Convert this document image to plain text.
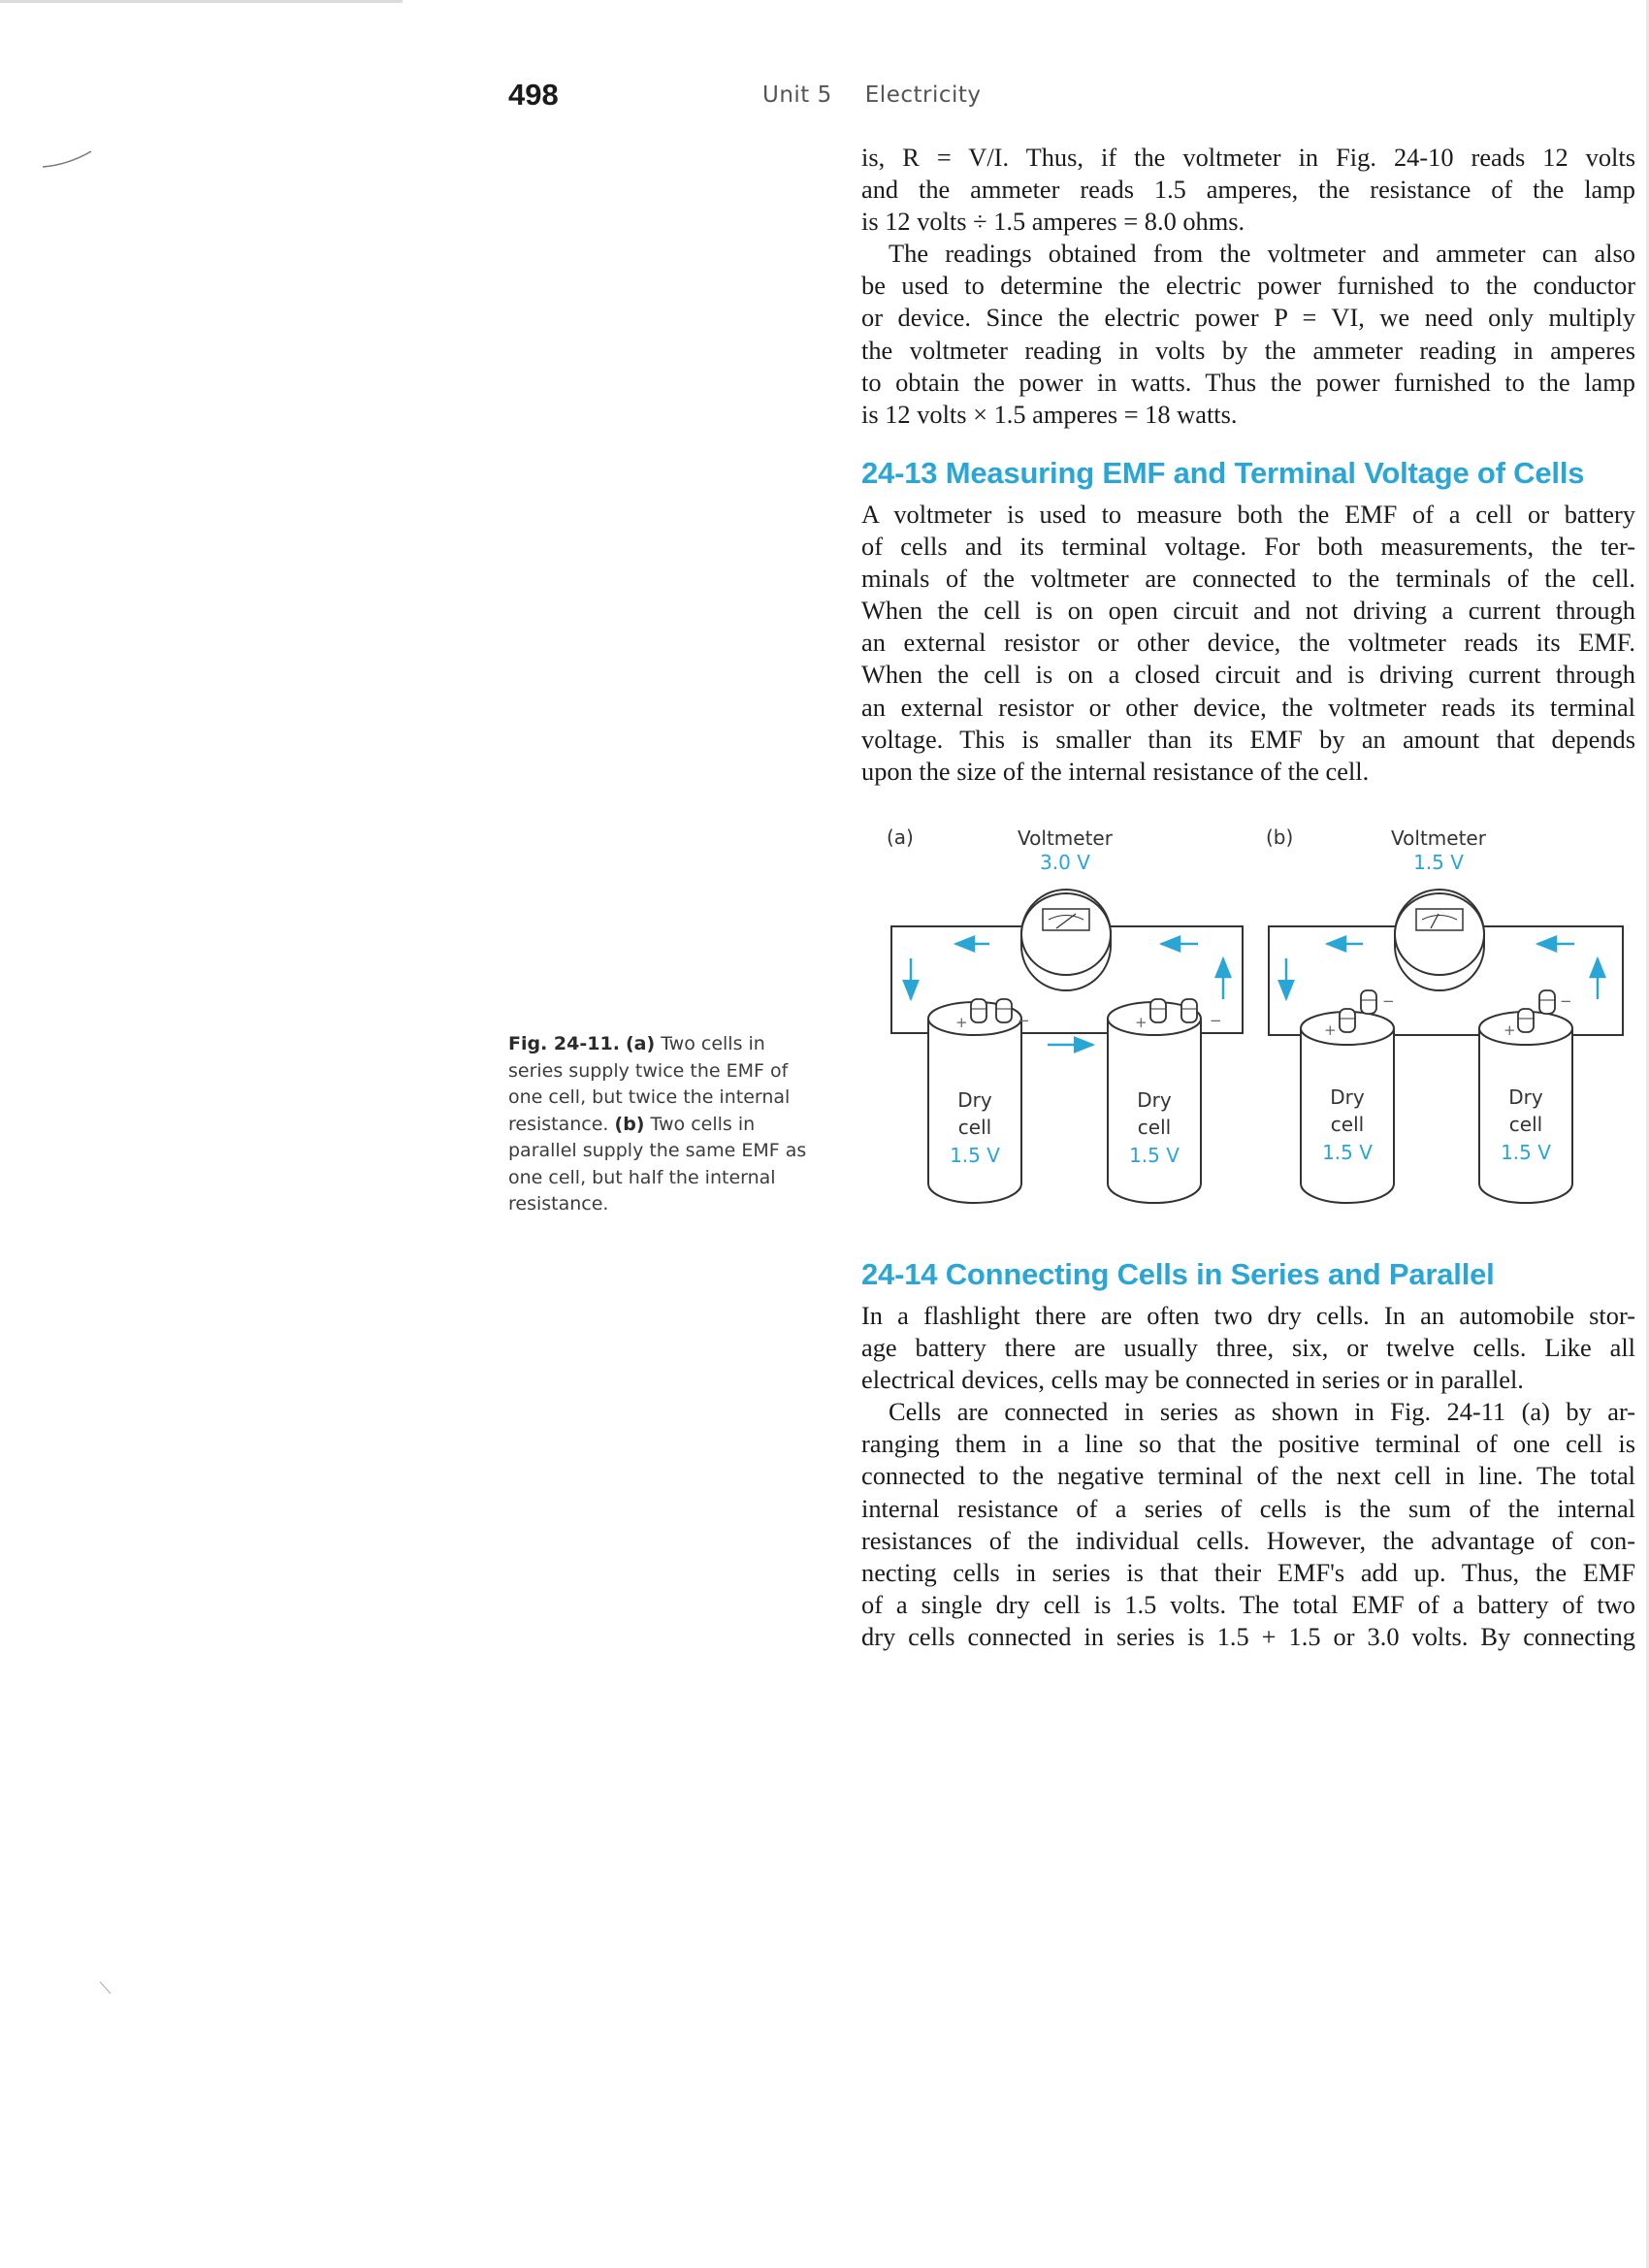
498	Unit 5 Electricity

is, R = V/I. Thus, if the voltmeter in Fig. 24-10 reads 12 volts
and the ammeter reads 1.5 amperes, the resistance of the lamp
is 12 volts ÷ 1.5 amperes = 8.0 ohms.

The readings obtained from the voltmeter and ammeter can also
be used to determine the electric power furnished to the conductor
or device. Since the electric power P = VI, we need only multiply
the voltmeter reading in volts by the ammeter reading in amperes
to obtain the power in watts. Thus the power furnished to the lamp
is 12 volts × 1.5 amperes = 18 watts.

24-13 Measuring EMF and Terminal Voltage of Cells

A voltmeter is used to measure both the EMF of a cell or battery
of cells and its terminal voltage. For both measurements, the ter-
minals of the voltmeter are connected to the terminals of the cell.
When the cell is on open circuit and not driving a current through
an external resistor or other device, the voltmeter reads its EMF.
When the cell is on a closed circuit and is driving current through
an external resistor or other device, the voltmeter reads its terminal
voltage. This is smaller than its EMF by an amount that depends
upon the size of the internal resistance of the cell.

(a)	Voltmeter
3.0 V
+	−
Dry
cell
1.5 V
+	−
Dry
cell
1.5 V
(b)	Voltmeter
1.5 V
+
−
Dry
cell
1.5 V
+
−
Dry
cell
1.5 V
Fig. 24-11. (a) Two cells in series supply twice the EMF of one cell, but twice the internal resistance. (b) Two cells in parallel supply the same EMF as one cell, but half the internal resistance.
24-14 Connecting Cells in Series and Parallel

In a flashlight there are often two dry cells. In an automobile stor-
age battery there are usually three, six, or twelve cells. Like all
electrical devices, cells may be connected in series or in parallel.

Cells are connected in series as shown in Fig. 24-11 (a) by ar-
ranging them in a line so that the positive terminal of one cell is
connected to the negative terminal of the next cell in line. The total
internal resistance of a series of cells is the sum of the internal
resistances of the individual cells. However, the advantage of con-
necting cells in series is that their EMF's add up. Thus, the EMF
of a single dry cell is 1.5 volts. The total EMF of a battery of two
dry cells connected in series is 1.5 + 1.5 or 3.0 volts. By connecting
